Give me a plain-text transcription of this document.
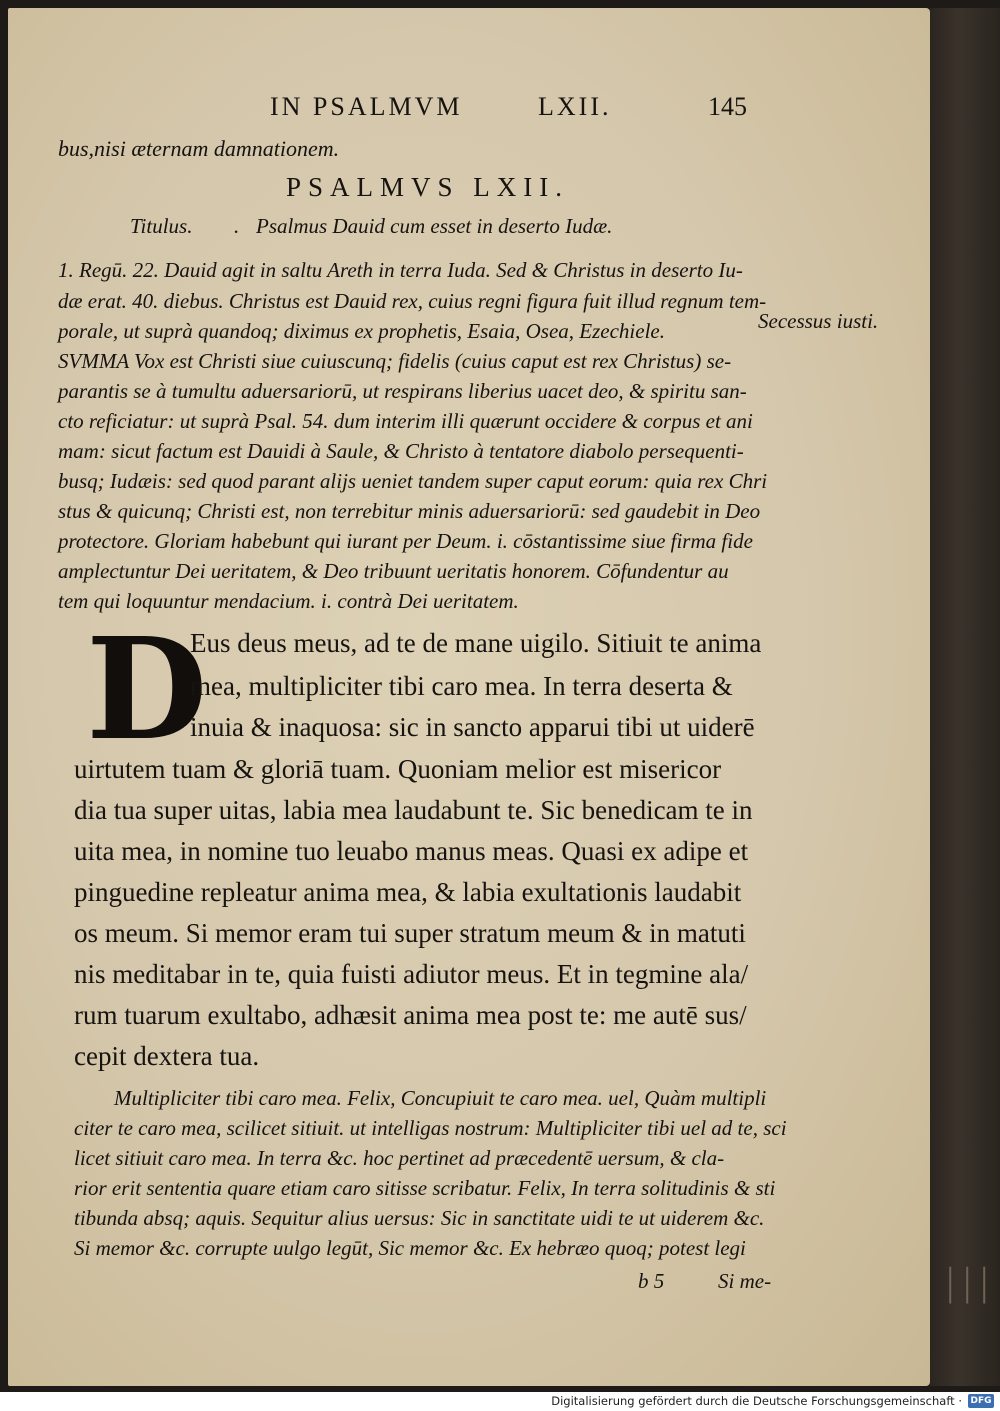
|||
IN PSALMVM	LXII.	145
bus,nisi æternam damnationem.
PSALMVS LXII.
Titulus. . Psalmus Dauid cum esset in deserto Iudæ.
Secessus iusti.
1. Regū. 22. Dauid agit in saltu Areth in terra Iuda. Sed & Christus in deserto Iu-
dæ erat. 40. diebus. Christus est Dauid rex, cuius regni figura fuit illud regnum tem-
porale, ut suprà quandoq; diximus ex prophetis, Esaia, Osea, Ezechiele.
SVMMA Vox est Christi siue cuiuscunq; fidelis (cuius caput est rex Christus) se-
parantis se à tumultu aduersariorū, ut respirans liberius uacet deo, & spiritu san-
cto reficiatur: ut suprà Psal. 54. dum interim illi quærunt occidere & corpus et ani
mam: sicut factum est Dauidi à Saule, & Christo à tentatore diabolo persequenti-
busq; Iudæis: sed quod parant alijs ueniet tandem super caput eorum: quia rex Chri
stus & quicunq; Christi est, non terrebitur minis aduersariorū: sed gaudebit in Deo
protectore. Gloriam habebunt qui iurant per Deum. i. cōstantissime siue firma fide
amplectuntur Dei ueritatem, & Deo tribuunt ueritatis honorem. Cōfundentur au
tem qui loquuntur mendacium. i. contrà Dei ueritatem.
D
Eus deus meus, ad te de mane uigilo. Sitiuit te anima
mea, multipliciter tibi caro mea. In terra deserta &
inuia & inaquosa: sic in sancto apparui tibi ut uiderē
uirtutem tuam & gloriā tuam. Quoniam melior est misericor
dia tua super uitas, labia mea laudabunt te. Sic benedicam te in
uita mea, in nomine tuo leuabo manus meas. Quasi ex adipe et
pinguedine repleatur anima mea, & labia exultationis laudabit
os meum. Si memor eram tui super stratum meum & in matuti
nis meditabar in te, quia fuisti adiutor meus. Et in tegmine ala/
rum tuarum exultabo, adhæsit anima mea post te: me autē sus/
cepit dextera tua.
Multipliciter tibi caro mea. Felix, Concupiuit te caro mea. uel, Quàm multipli
citer te caro mea, scilicet sitiuit. ut intelligas nostrum: Multipliciter tibi uel ad te, sci
licet sitiuit caro mea. In terra &c. hoc pertinet ad præcedentē uersum, & cla-
rior erit sententia quare etiam caro sitisse scribatur. Felix, In terra solitudinis & sti
tibunda absq; aquis. Sequitur alius uersus: Sic in sanctitate uidi te ut uiderem &c.
Si memor &c. corrupte uulgo legūt, Sic memor &c. Ex hebræo quoq; potest legi
b 5	Si me-
Digitalisierung gefördert durch die Deutsche Forschungsgemeinschaft · DFG
